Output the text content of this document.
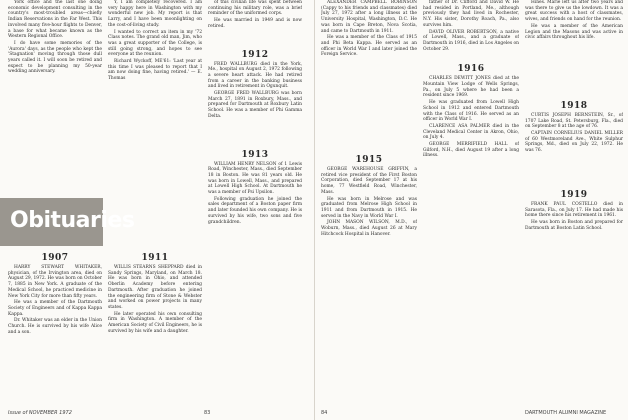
York office and the last one doing economic development consulting in the country's most-troubled areas—chiefly Indian Reservations in the Far West. This involved many five-hour flights to Denver, a base for what became known as the Western Regional Office.

I do have some memories of the 'Aurora' days, as the people who kept the 'Stagnation' moving through those dull years called it. I will soon be retired and expect to be planning my 50-year wedding anniversary.

Obituaries
1907

HARRY STEWART WHITAKER, physician, of the Irvington area, died on August 29, 1972. He was born on October 7, 1885 in New York. A graduate of the Medical School, he practiced medicine in New York City for more than fifty years.

He was a member of the Dartmouth Society of Engineers and of Kappa Kappa Kappa.

Dr. Whitaker was an elder in the Union Church. He is survived by his wife Alice and a son.

Y, I am completely recovered. I am very happy here in Washington with my wonderful new job. My report is that Larry, and I have been moonlighting on the cost-of-living study.

I wanted to correct an item in my '72 Class notes. The grand old man, Jim, who was a great supporter of the College, is still going strong, and hopes to see everyone at the reunion.

Richard Wyckoff, ME'61: 'Last year at this time I was pleased to report that I am now doing fine, having retired.' — E. Thomas

1911

WILLIS STEARNS SHEPPARD died in Sandy Springs, Maryland, on March 18. He was born in Ohio, and attended Oberlin Academy before entering Dartmouth. After graduation he joined the engineering firm of Stone & Webster and worked on power projects in many states.

He later operated his own consulting firm in Washington. A member of the American Society of Civil Engineers, he is survived by his wife and a daughter.

of this civilian life was spent between continuing his military role, was a brief reminder of the uniformed corps.

He was married in 1949 and is now retired.

1912

FRED WALLBURG died in the York, Me., hospital on August 2, 1972 following a severe heart attack. He had retired from a career in the banking business and lived in retirement in Ogunquit.

GEORGE FRED WALLBURG was born March 27, 1891 in Roxbury, Mass., and prepared for Dartmouth at Roxbury Latin School. He was a member of Phi Gamma Delta.

1913

WILLIAM HENRY NELSON of 1 Lewis Road, Winchester, Mass., died September 18 in Boston. He was 81 years old. He was born in Lowell, Mass., and prepared at Lowell High School. At Dartmouth he was a member of Psi Upsilon.

Following graduation he joined the sales department of a Boston paper firm and later founded his own company. He is survived by his wife, two sons and five grandchildren.

Issue of NOVEMBER 1972	83

ALEXANDER CAMPBELL ROBINSON (Cappy to his friends and classmates) died July 27, 1972 after a long illness at the University Hospital, Washington, D.C. He was born in Cape Breton, Nova Scotia, and came to Dartmouth in 1911.

He was a member of the Class of 1915 and Phi Beta Kappa. He served as an officer in World War I and later joined the Foreign Service.

1915

GEORGE WAREHOUSE GRIFFIN, a retired vice president of the First Boston Corporation, died September 17 at his home, 77 Westfield Road, Winchester, Mass.

He was born in Melrose and was graduated from Melrose High School in 1911 and from Dartmouth in 1915. He served in the Navy in World War I.

JOHN MASON WILSON, M.D., of Woburn, Mass., died August 26 at Mary Hitchcock Hospital in Hanover.

father of Dr. Clifford and David W. He had resided in Portland, Me., although previously they had lived in Rochester, N.Y. His sister, Dorothy Roach, Pa., also survives him.

DAVID OLIVER ROBERTSON, a native of Lowell, Mass., and a graduate of Dartmouth in 1916, died in Los Angeles on October 29.

1916

CHARLES DEWITT JONES died at the Mountain View Lodge of Wells Springs, Pa., on July 5 where he had been a resident since 1969.

He was graduated from Lowell High School in 1912 and entered Dartmouth with the Class of 1916. He served as an officer in World War I.

CLARENCE ASA PALMER died in the Cleveland Medical Center in Akron, Ohio, on July 4.

GEORGE MERRIFIELD HALL of Gilford, N.H., died August 19 after a long illness.

Hines. Marie left us after two years and was there to give us the lowdown. It was a great success with a host of classmates, wives, and friends on hand for the reunion.

He was a member of the American Legion and the Masons and was active in civic affairs throughout his life.

1918

CURTIS JOSEPH BERNSTEIN, Sr., of 1707 Lake Road, St. Petersburg, Fla., died on September 8 at the age of 76.

CAPTAIN CORNELIUS DANIEL MILLER of 60 Westmoreland Ave., White Sulphur Springs, Md., died on July 22, 1972. He was 76.

1919

FRANK PAUL COSTELLO died in Sarasota, Fla., on July 17. He had made his home there since his retirement in 1961.

He was born in Boston and prepared for Dartmouth at Boston Latin School.

84	DARTMOUTH ALUMNI MAGAZINE
